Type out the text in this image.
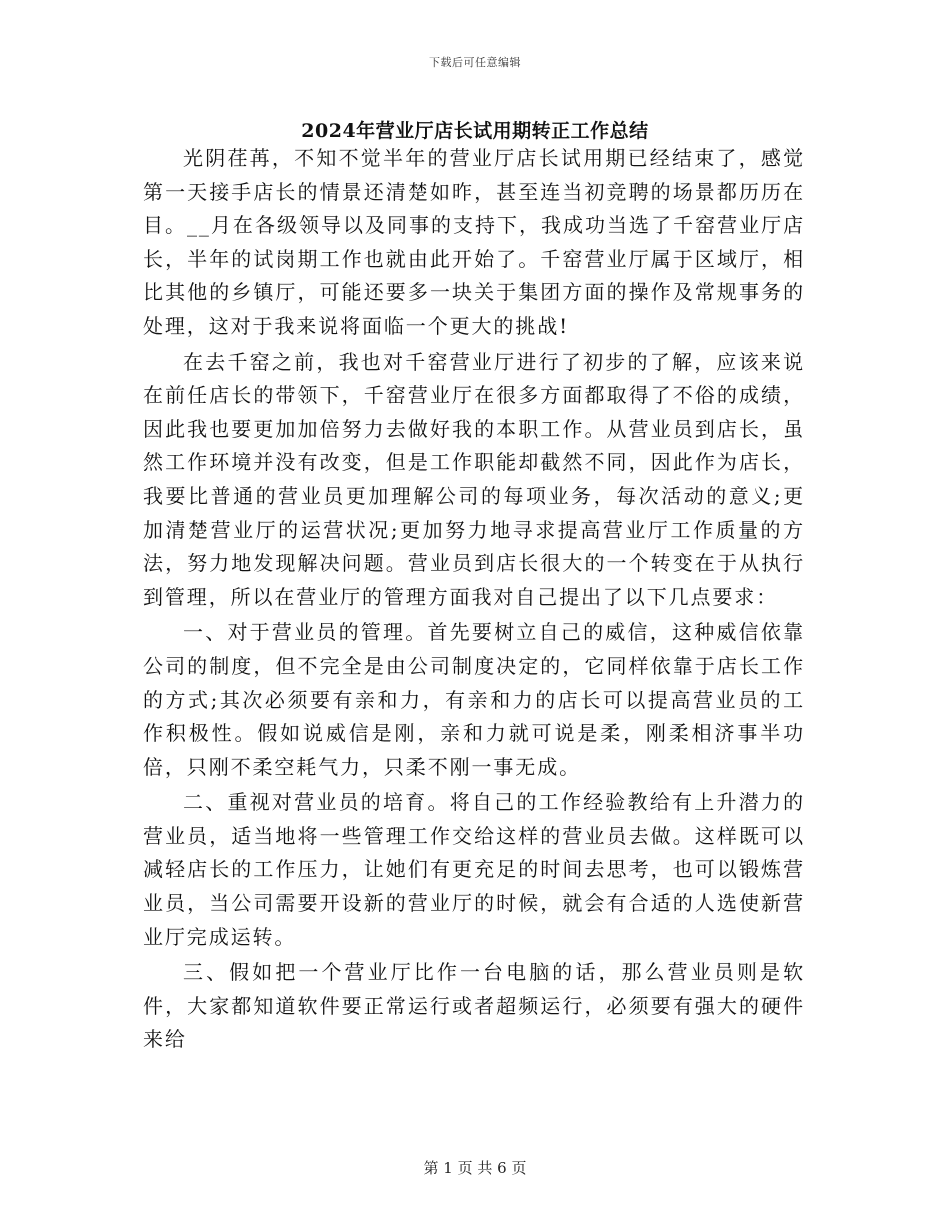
下载后可任意编辑
2024年营业厅店长试用期转正工作总结

光阴荏苒，不知不觉半年的营业厅店长试用期已经结束了，感觉第一天接手店长的情景还清楚如昨，甚至连当初竞聘的场景都历历在目。__月在各级领导以及同事的支持下，我成功当选了千窑营业厅店长，半年的试岗期工作也就由此开始了。千窑营业厅属于区域厅，相比其他的乡镇厅，可能还要多一块关于集团方面的操作及常规事务的处理，这对于我来说将面临一个更大的挑战!

在去千窑之前，我也对千窑营业厅进行了初步的了解，应该来说在前任店长的带领下，千窑营业厅在很多方面都取得了不俗的成绩，因此我也要更加加倍努力去做好我的本职工作。从营业员到店长，虽然工作环境并没有改变，但是工作职能却截然不同，因此作为店长，我要比普通的营业员更加理解公司的每项业务，每次活动的意义;更加清楚营业厅的运营状况;更加努力地寻求提高营业厅工作质量的方法，努力地发现解决问题。营业员到店长很大的一个转变在于从执行到管理，所以在营业厅的管理方面我对自己提出了以下几点要求：

一、对于营业员的管理。首先要树立自己的威信，这种威信依靠公司的制度，但不完全是由公司制度决定的，它同样依靠于店长工作的方式;其次必须要有亲和力，有亲和力的店长可以提高营业员的工作积极性。假如说威信是刚，亲和力就可说是柔，刚柔相济事半功倍，只刚不柔空耗气力，只柔不刚一事无成。

二、重视对营业员的培育。将自己的工作经验教给有上升潜力的营业员，适当地将一些管理工作交给这样的营业员去做。这样既可以减轻店长的工作压力，让她们有更充足的时间去思考，也可以锻炼营业员，当公司需要开设新的营业厅的时候，就会有合适的人选使新营业厅完成运转。

三、假如把一个营业厅比作一台电脑的话，那么营业员则是软件，大家都知道软件要正常运行或者超频运行，必须要有强大的硬件来给

第 1 页 共 6 页
